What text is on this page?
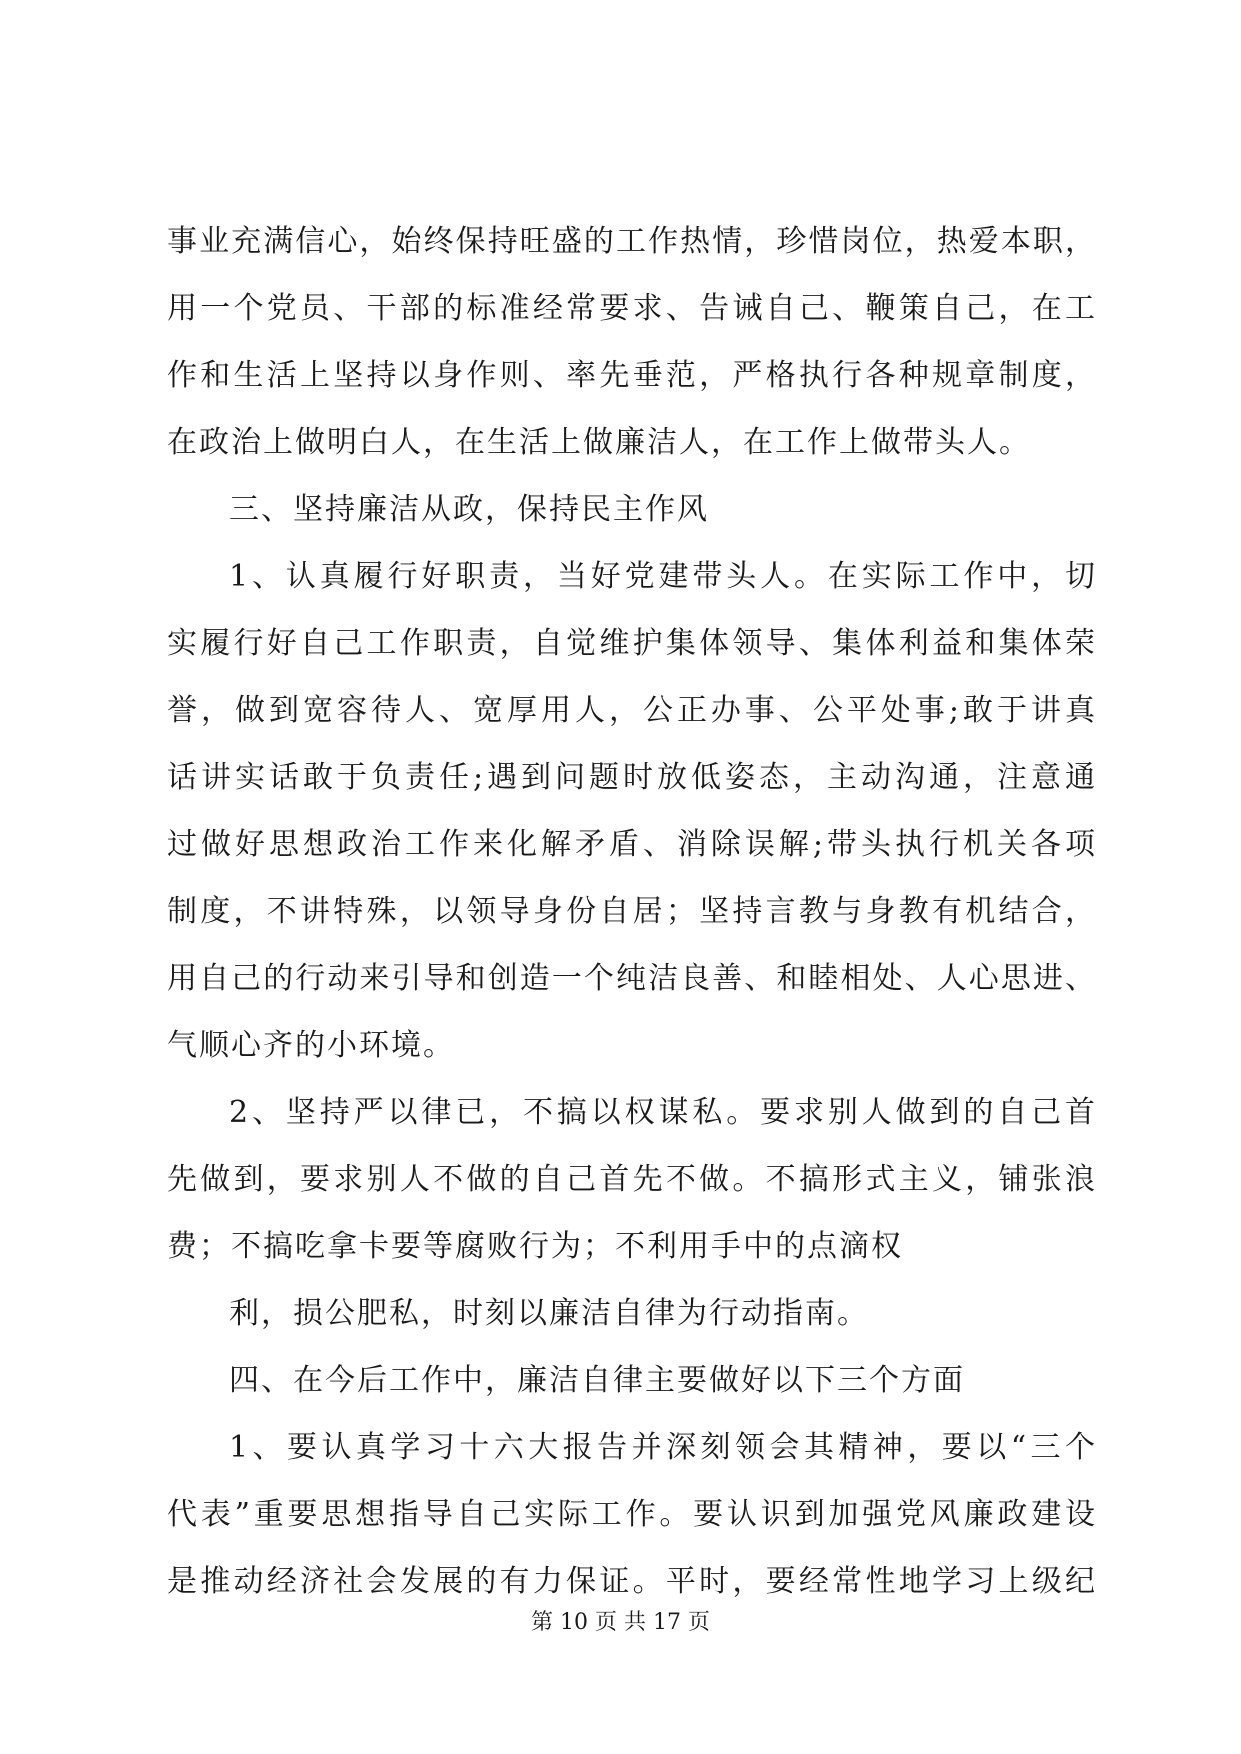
事业充满信心，始终保持旺盛的工作热情，珍惜岗位，热爱本职，
用一个党员、干部的标准经常要求、告诫自己、鞭策自己，在工
作和生活上坚持以身作则、率先垂范，严格执行各种规章制度，
在政治上做明白人，在生活上做廉洁人，在工作上做带头人。
三、坚持廉洁从政，保持民主作风
1、认真履行好职责，当好党建带头人。在实际工作中，切
实履行好自己工作职责，自觉维护集体领导、集体利益和集体荣
誉，做到宽容待人、宽厚用人，公正办事、公平处事;敢于讲真
话讲实话敢于负责任;遇到问题时放低姿态，主动沟通，注意通
过做好思想政治工作来化解矛盾、消除误解;带头执行机关各项
制度，不讲特殊，以领导身份自居；坚持言教与身教有机结合，
用自己的行动来引导和创造一个纯洁良善、和睦相处、人心思进、
气顺心齐的小环境。
2、坚持严以律已，不搞以权谋私。要求别人做到的自己首
先做到，要求别人不做的自己首先不做。不搞形式主义，铺张浪
费；不搞吃拿卡要等腐败行为；不利用手中的点滴权
利，损公肥私，时刻以廉洁自律为行动指南。
四、在今后工作中，廉洁自律主要做好以下三个方面
1、要认真学习十六大报告并深刻领会其精神，要以“三个
代表”重要思想指导自己实际工作。要认识到加强党风廉政建设
是推动经济社会发展的有力保证。平时，要经常性地学习上级纪
第 10 页 共 17 页
